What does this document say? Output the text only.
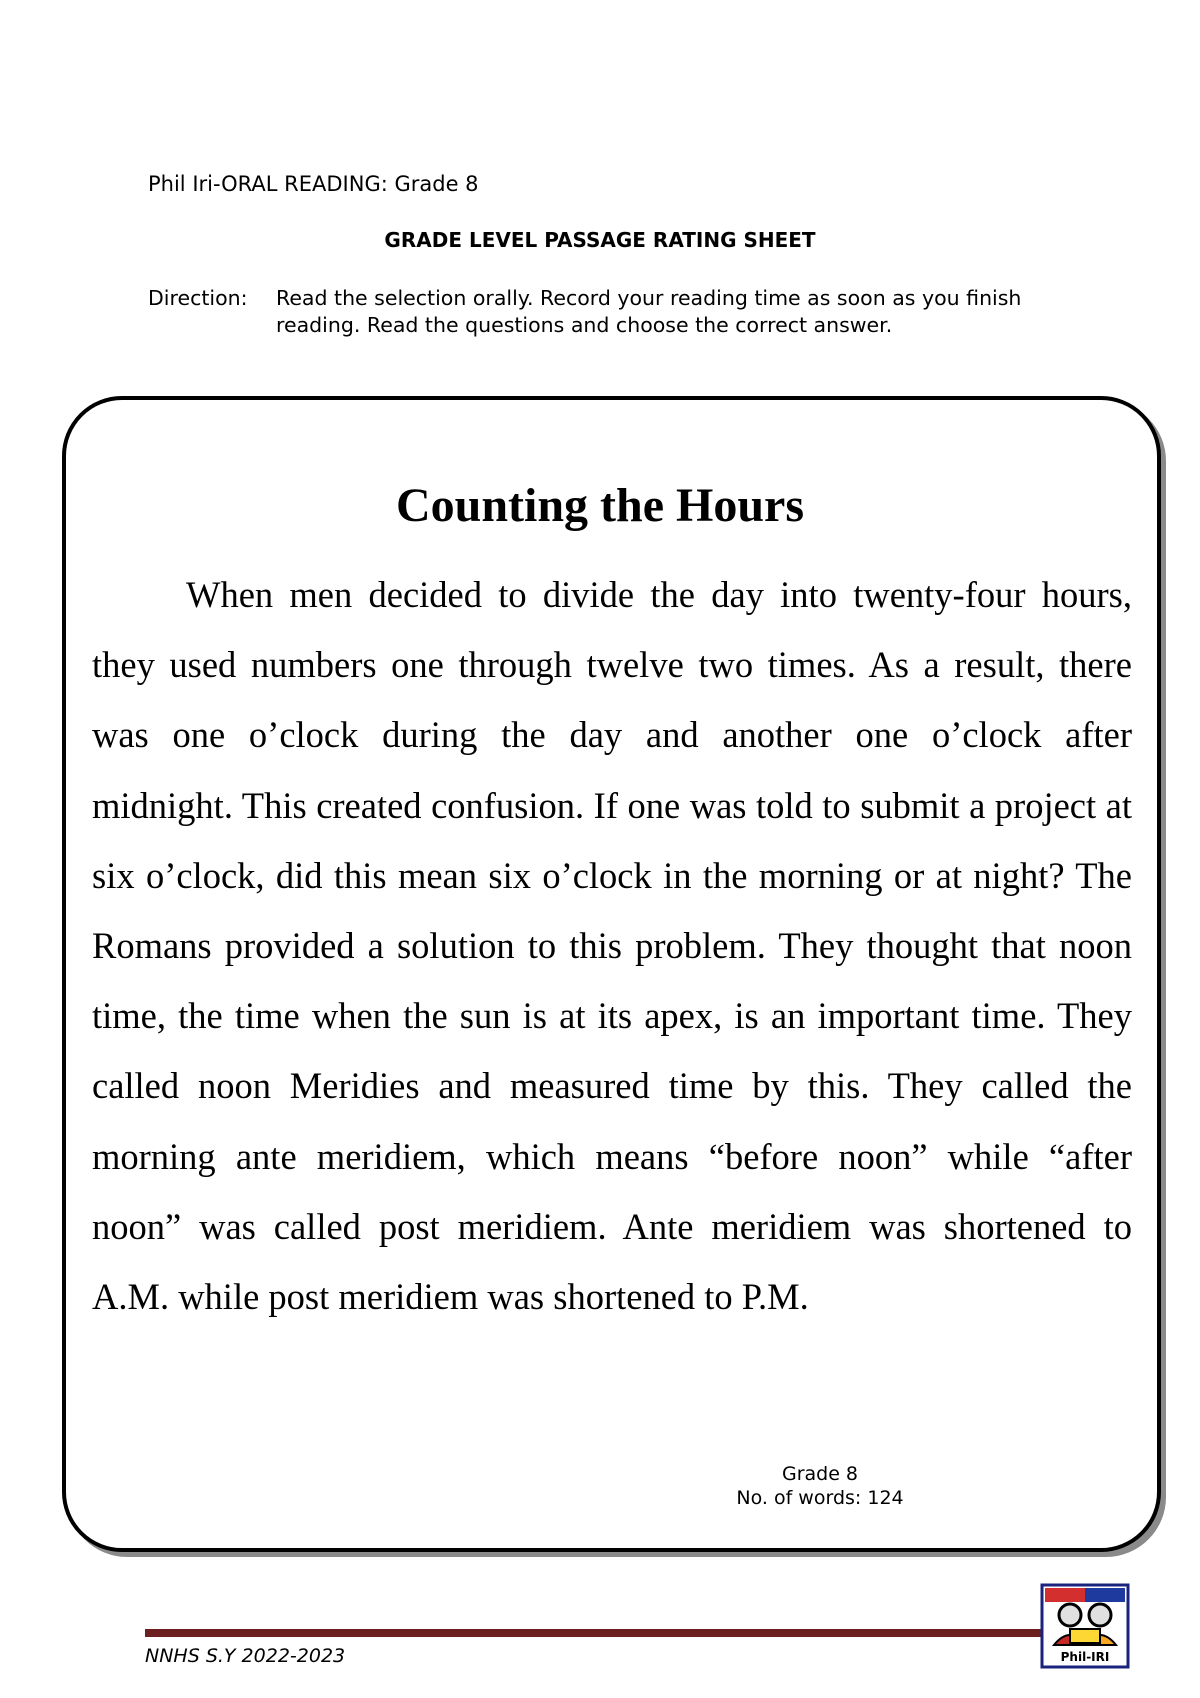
Phil Iri-ORAL READING: Grade 8
GRADE LEVEL PASSAGE RATING SHEET
Direction:	Read the selection orally. Record your reading time as soon as you finish reading. Read the questions and choose the correct answer.
Counting the Hours

When men decided to divide the day into twenty-four hours, they used numbers one through twelve two times. As a result, there was one o’clock during the day and another one o’clock after midnight. This created confusion. If one was told to submit a project at six o’clock, did this mean six o’clock in the morning or at night? The Romans provided a solution to this problem. They thought that noon time, the time when the sun is at its apex, is an important time. They called noon Meridies and measured time by this. They called the morning ante meridiem, which means “before noon” while “after noon” was called post meridiem. Ante meridiem was shortened to A.M. while post meridiem was shortened to P.M.

Grade 8
No. of words: 124
NNHS S.Y 2022-2023	Phil-IRI
